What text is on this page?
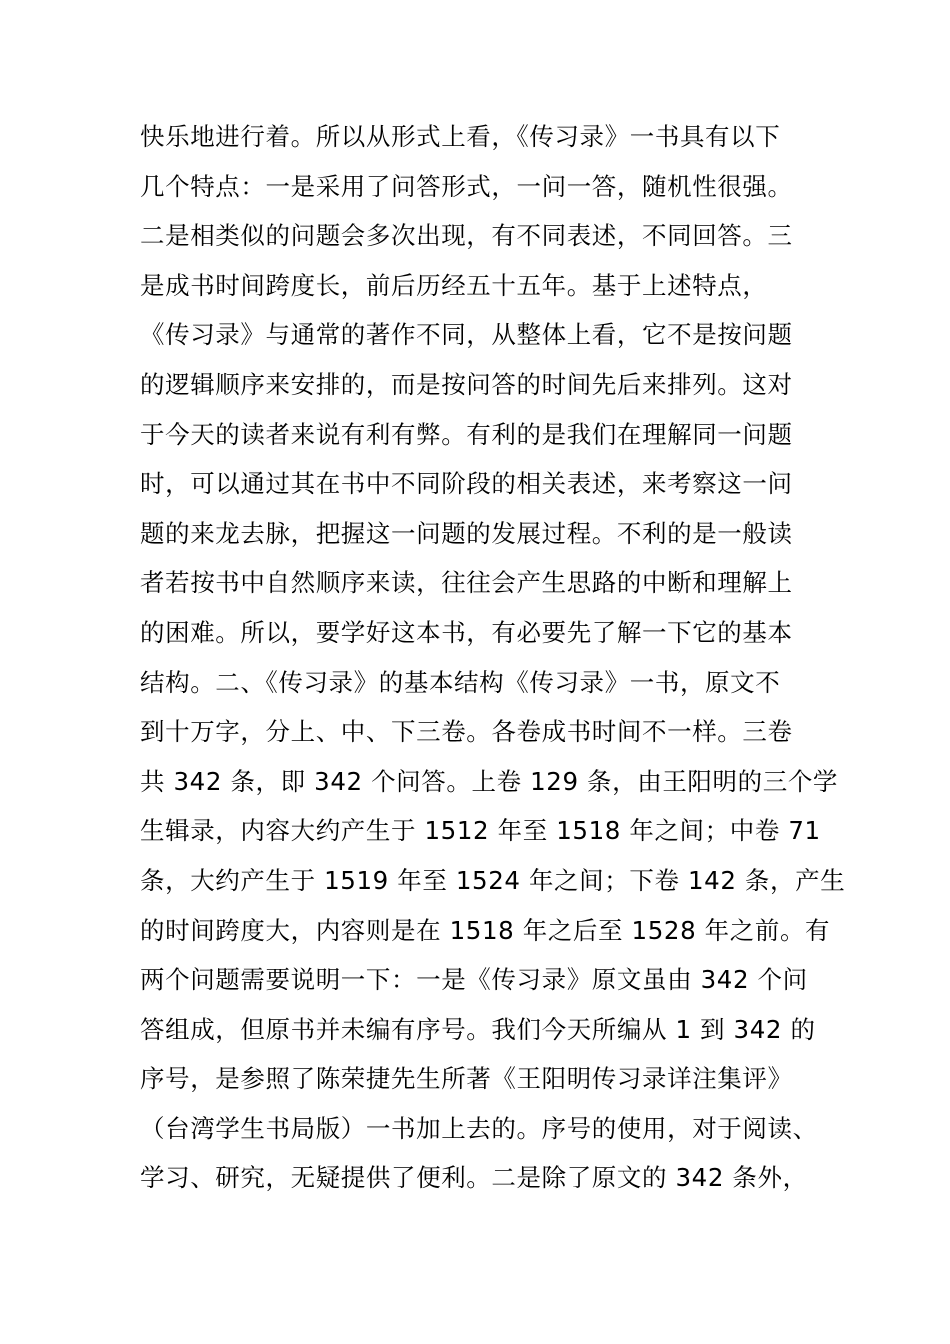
快乐地进行着。所以从形式上看，《传习录》一书具有以下
几个特点：一是采用了问答形式，一问一答，随机性很强。
二是相类似的问题会多次出现，有不同表述，不同回答。三
是成书时间跨度长，前后历经五十五年。基于上述特点，
《传习录》与通常的著作不同，从整体上看，它不是按问题
的逻辑顺序来安排的，而是按问答的时间先后来排列。这对
于今天的读者来说有利有弊。有利的是我们在理解同一问题
时，可以通过其在书中不同阶段的相关表述，来考察这一问
题的来龙去脉，把握这一问题的发展过程。不利的是一般读
者若按书中自然顺序来读，往往会产生思路的中断和理解上
的困难。所以，要学好这本书，有必要先了解一下它的基本
结构。二、《传习录》的基本结构《传习录》一书，原文不
到十万字，分上、中、下三卷。各卷成书时间不一样。三卷
共 342 条，即 342 个问答。上卷 129 条，由王阳明的三个学
生辑录，内容大约产生于 1512 年至 1518 年之间；中卷 71
条，大约产生于 1519 年至 1524 年之间；下卷 142 条，产生
的时间跨度大，内容则是在 1518 年之后至 1528 年之前。有
两个问题需要说明一下：一是《传习录》原文虽由 342 个问
答组成，但原书并未编有序号。我们今天所编从 1 到 342 的
序号，是参照了陈荣捷先生所著《王阳明传习录详注集评》
（台湾学生书局版）一书加上去的。序号的使用，对于阅读、
学习、研究，无疑提供了便利。二是除了原文的 342 条外，
